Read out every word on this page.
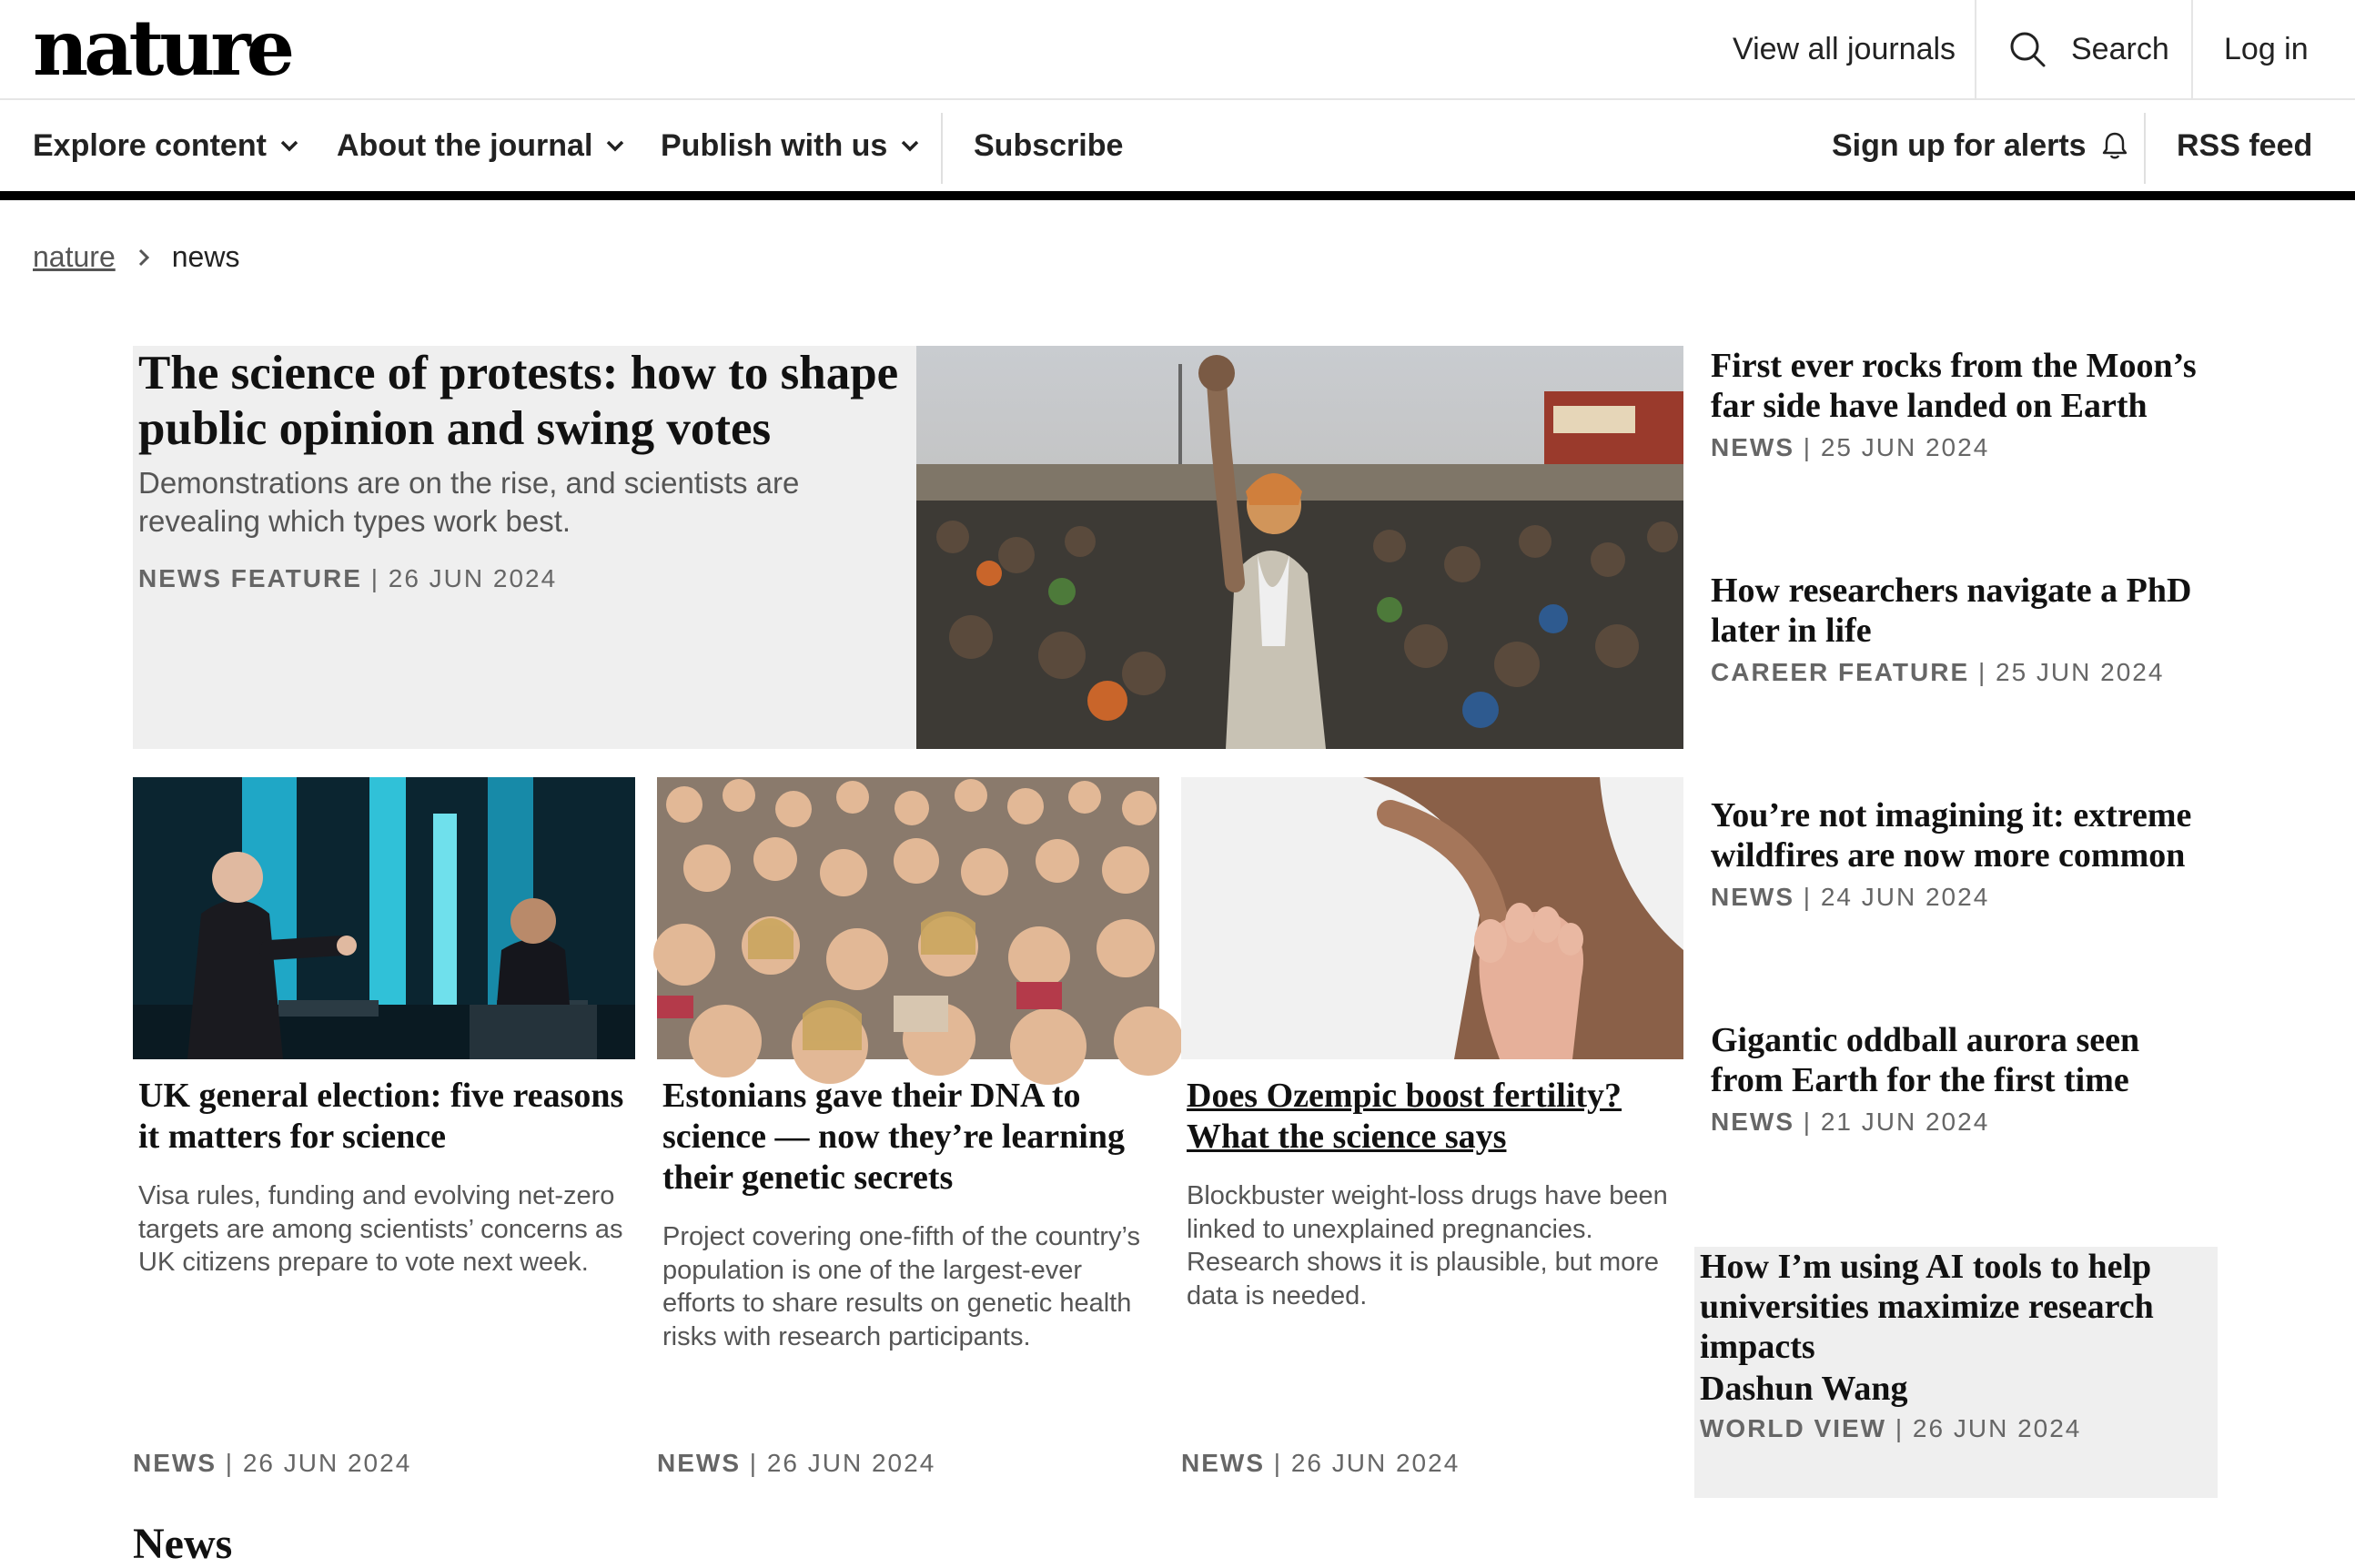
nature	View all journals	Search Log in
Explore content About the journal Publish with us	Subscribe	Sign up for alerts	RSS feed
nature news
The science of protests: how to shape public opinion and swing votes

Demonstrations are on the rise, and scientists are revealing which types work best.

NEWS FEATURE | 26 JUN 2024
UK general election: five reasons it matters for science

Visa rules, funding and evolving net-zero targets are among scientists’ concerns as UK citizens prepare to vote next week.

NEWS | 26 JUN 2024
Estonians gave their DNA to science — now they’re learning their genetic secrets

Project covering one-fifth of the country’s population is one of the largest-ever efforts to share results on genetic health risks with research participants.

NEWS | 26 JUN 2024
Does Ozempic boost fertility? What the science says

Blockbuster weight-loss drugs have been linked to unexplained pregnancies. Research shows it is plausible, but more data is needed.

NEWS | 26 JUN 2024
First ever rocks from the Moon’s far side have landed on Earth
NEWS | 25 JUN 2024
How researchers navigate a PhD later in life
CAREER FEATURE | 25 JUN 2024
You’re not imagining it: extreme wildfires are now more common
NEWS | 24 JUN 2024
Gigantic oddball aurora seen from Earth for the first time
NEWS | 21 JUN 2024
How I’m using AI tools to help universities maximize research impacts
Dashun Wang
WORLD VIEW | 26 JUN 2024
News
